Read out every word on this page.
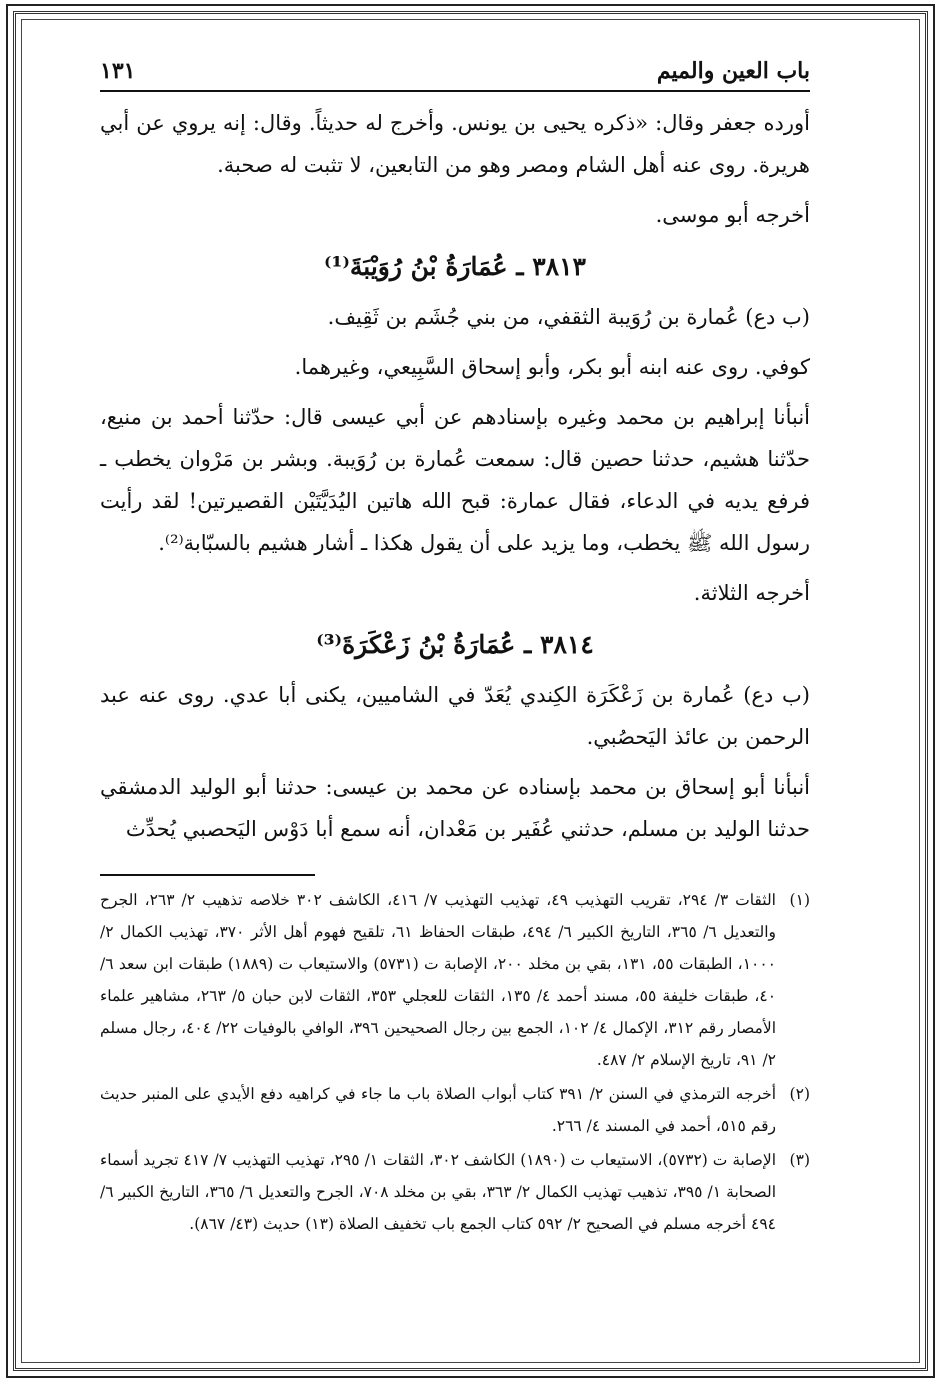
باب العين والميم
١٣١

أورده جعفر وقال: «ذكره يحيى بن يونس. وأخرج له حديثاً. وقال: إنه يروي عن أبي هريرة. روى عنه أهل الشام ومصر وهو من التابعين، لا تثبت له صحبة.

أخرجه أبو موسى.

٣٨١٣ ـ عُمَارَةُ بْنُ رُوَيْبَةَ⁽¹⁾

(ب دع) عُمارة بن رُوَيبة الثقفي، من بني جُشَم بن ثَقِيف.

كوفي. روى عنه ابنه أبو بكر، وأبو إسحاق السَّبِيعي، وغيرهما.

أنبأنا إبراهيم بن محمد وغيره بإسنادهم عن أبي عيسى قال: حدّثنا أحمد بن منيع، حدّثنا هشيم، حدثنا حصين قال: سمعت عُمارة بن رُوَيبة. وبشر بن مَرْوان يخطب ـ فرفع يديه في الدعاء، فقال عمارة: قبح الله هاتين اليُدَيَّتَيْن القصيرتين! لقد رأيت رسول الله ﷺ يخطب، وما يزيد على أن يقول هكذا ـ أشار هشيم بالسبّابة⁽²⁾.

أخرجه الثلاثة.

٣٨١٤ ـ عُمَارَةُ بْنُ زَعْكَرَةَ⁽³⁾

(ب دع) عُمارة بن زَعْكَرَة الكِندي يُعَدّ في الشاميين، يكنى أبا عدي. روى عنه عبد الرحمن بن عائذ اليَحصُبي.

أنبأنا أبو إسحاق بن محمد بإسناده عن محمد بن عيسى: حدثنا أبو الوليد الدمشقي حدثنا الوليد بن مسلم، حدثني عُفَير بن مَعْدان، أنه سمع أبا دَوْس اليَحصبي يُحدِّث

(١)
الثقات ٣/ ٢٩٤، تقريب التهذيب ٤٩، تهذيب التهذيب ٧/ ٤١٦، الكاشف ٣٠٢ خلاصه تذهيب ٢/ ٢٦٣، الجرح والتعديل ٦/ ٣٦٥، التاريخ الكبير ٦/ ٤٩٤، طبقات الحفاظ ٦١، تلقيح فهوم أهل الأثر ٣٧٠، تهذيب الكمال ٢/ ١٠٠٠، الطبقات ٥٥، ١٣١، بقي بن مخلد ٢٠٠، الإصابة ت (٥٧٣١) والاستيعاب ت (١٨٨٩) طبقات ابن سعد ٦/ ٤٠، طبقات خليفة ٥٥، مسند أحمد ٤/ ١٣٥، الثقات للعجلي ٣٥٣، الثقات لابن حبان ٥/ ٢٦٣، مشاهير علماء الأمصار رقم ٣١٢، الإكمال ٤/ ١٠٢، الجمع بين رجال الصحيحين ٣٩٦، الوافي بالوفيات ٢٢/ ٤٠٤، رجال مسلم ٢/ ٩١، تاريخ الإسلام ٢/ ٤٨٧.
(٢)
أخرجه الترمذي في السنن ٢/ ٣٩١ كتاب أبواب الصلاة باب ما جاء في كراهيه دفع الأيدي على المنبر حديث رقم ٥١٥، أحمد في المسند ٤/ ٢٦٦.
(٣)
الإصابة ت (٥٧٣٢)، الاستيعاب ت (١٨٩٠) الكاشف ٣٠٢، الثقات ١/ ٢٩٥، تهذيب التهذيب ٧/ ٤١٧ تجريد أسماء الصحابة ١/ ٣٩٥، تذهيب تهذيب الكمال ٢/ ٣٦٣، بقي بن مخلد ٧٠٨، الجرح والتعديل ٦/ ٣٦٥، التاريخ الكبير ٦/ ٤٩٤ أخرجه مسلم في الصحيح ٢/ ٥٩٢ كتاب الجمع باب تخفيف الصلاة (١٣) حديث (٤٣/ ٨٦٧).
